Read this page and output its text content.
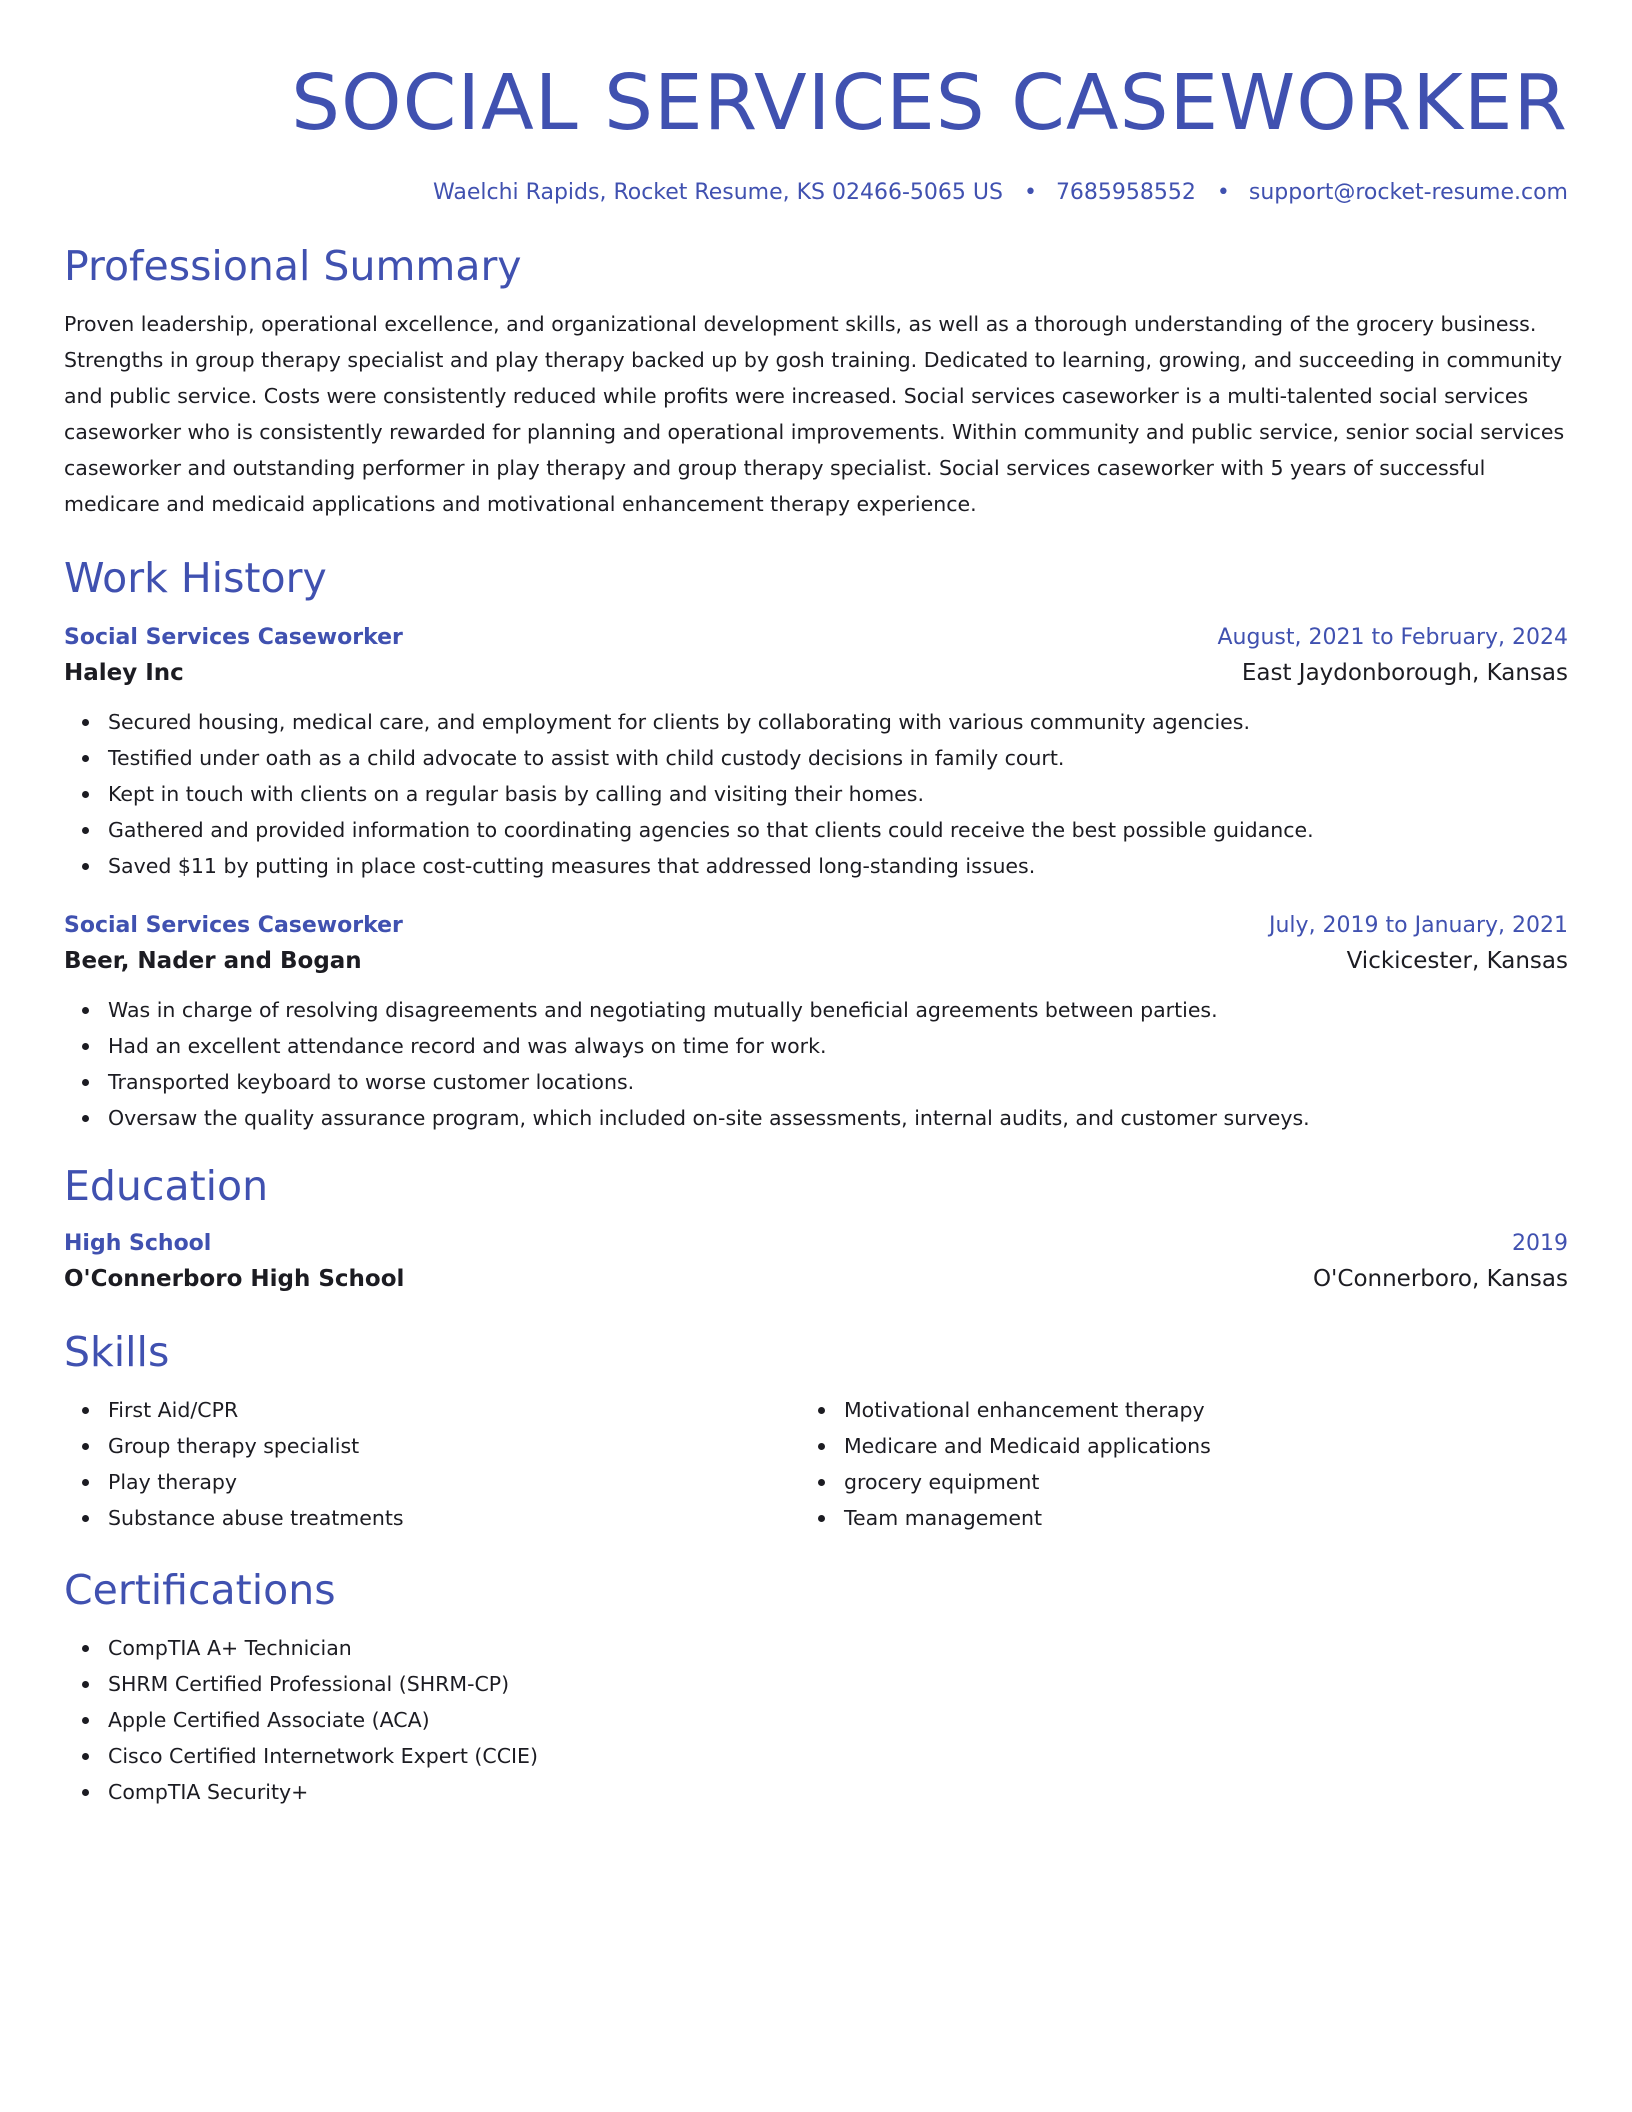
SOCIAL SERVICES CASEWORKER
Waelchi Rapids, Rocket Resume, KS 02466-5065 US • 7685958552 • support@rocket-resume.com
Professional Summary

Proven leadership, operational excellence, and organizational development skills, as well as a thorough understanding of the grocery business. Strengths in group therapy specialist and play therapy backed up by gosh training. Dedicated to learning, growing, and succeeding in community and public service. Costs were consistently reduced while profits were increased. Social services caseworker is a multi-talented social services caseworker who is consistently rewarded for planning and operational improvements. Within community and public service, senior social services caseworker and outstanding performer in play therapy and group therapy specialist. Social services caseworker with 5 years of successful medicare and medicaid applications and motivational enhancement therapy experience.

Work History
Social Services Caseworker	August, 2021 to February, 2024
Haley Inc	East Jaydonborough, Kansas
Secured housing, medical care, and employment for clients by collaborating with various community agencies.
Testified under oath as a child advocate to assist with child custody decisions in family court.
Kept in touch with clients on a regular basis by calling and visiting their homes.
Gathered and provided information to coordinating agencies so that clients could receive the best possible guidance.
Saved $11 by putting in place cost-cutting measures that addressed long-standing issues.
Social Services Caseworker	July, 2019 to January, 2021
Beer, Nader and Bogan	Vickicester, Kansas
Was in charge of resolving disagreements and negotiating mutually beneficial agreements between parties.
Had an excellent attendance record and was always on time for work.
Transported keyboard to worse customer locations.
Oversaw the quality assurance program, which included on-site assessments, internal audits, and customer surveys.
Education
High School	2019
O'Connerboro High School	O'Connerboro, Kansas
Skills
First Aid/CPR
Group therapy specialist
Play therapy
Substance abuse treatments
Motivational enhancement therapy
Medicare and Medicaid applications
grocery equipment
Team management
Certifications
CompTIA A+ Technician
SHRM Certified Professional (SHRM-CP)
Apple Certified Associate (ACA)
Cisco Certified Internetwork Expert (CCIE)
CompTIA Security+
